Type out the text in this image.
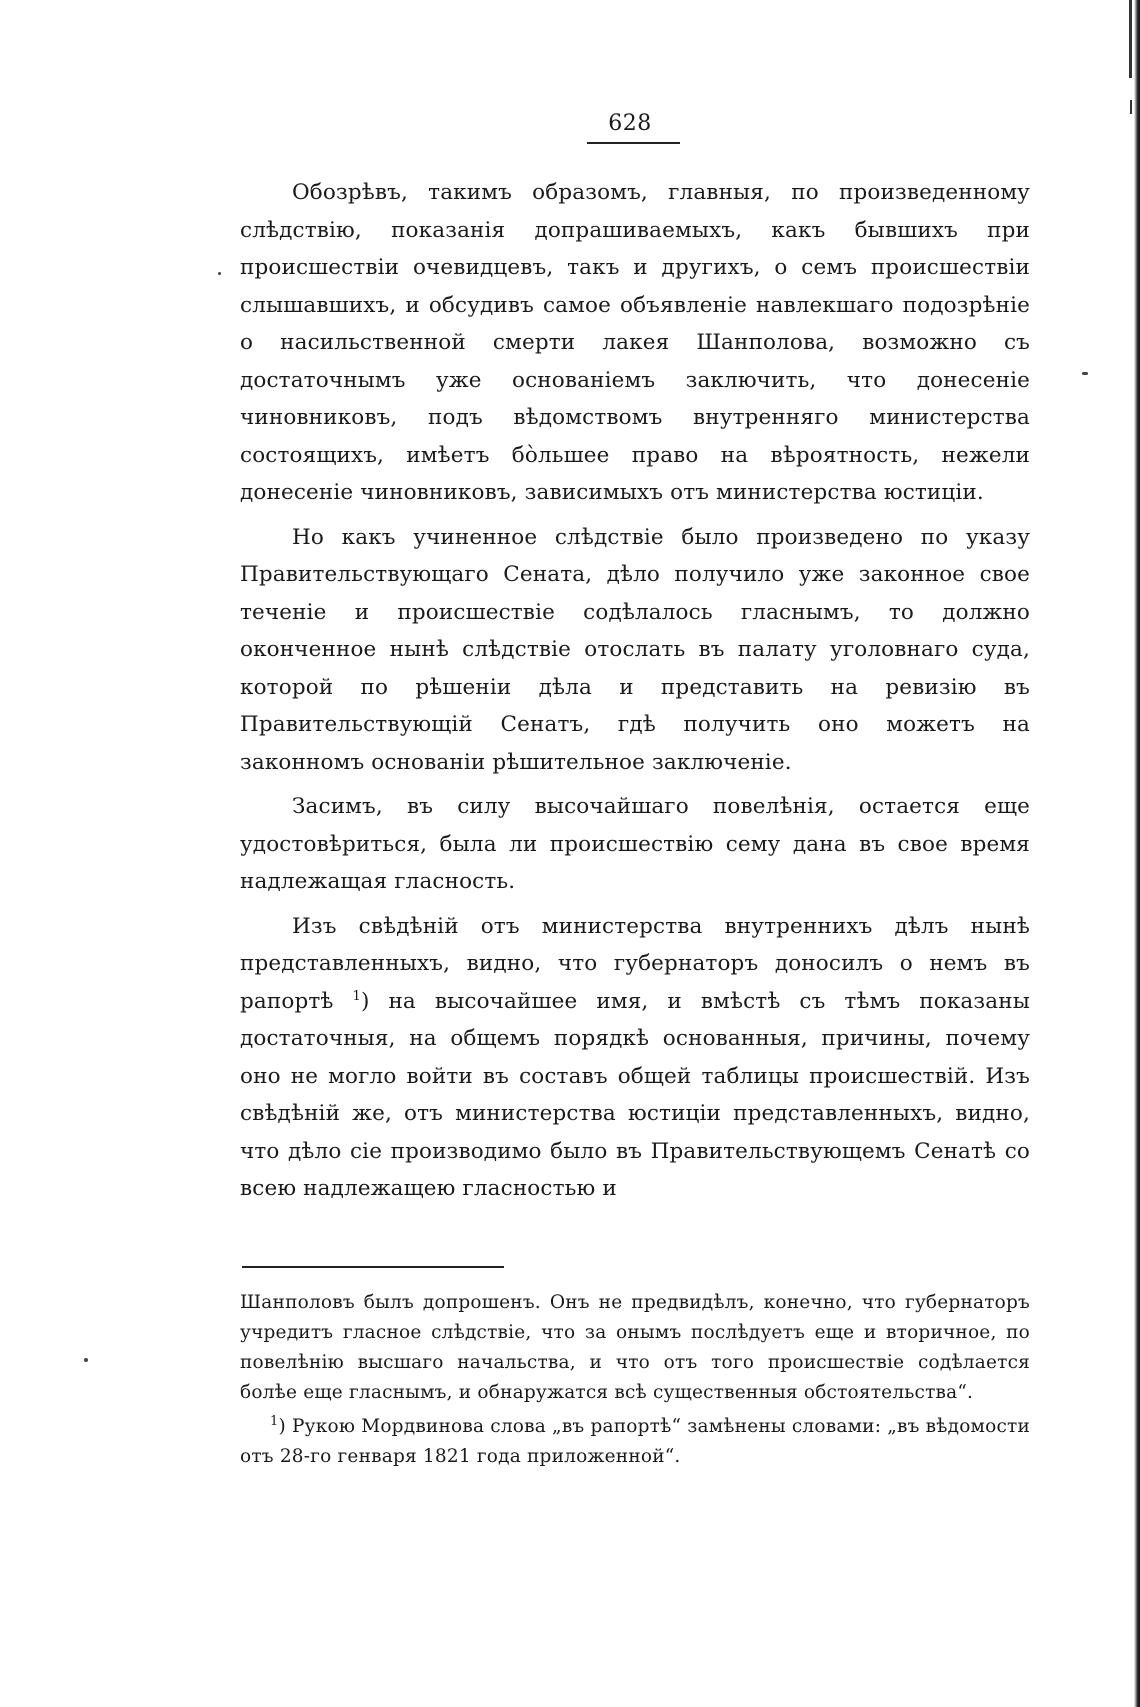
628

Обозрѣвъ, такимъ образомъ, главныя, по произведенному слѣдствію, показанія допрашиваемыхъ, какъ бывшихъ при происшествіи очевидцевъ, такъ и другихъ, о семъ происшествіи слышавшихъ, и обсудивъ самое объявленіе навлекшаго подозрѣніе о насильственной смерти лакея Шанполова, возможно съ достаточнымъ уже основаніемъ заключить, что донесеніе чиновниковъ, подъ вѣдомствомъ внутренняго министерства состоящихъ, имѣетъ бо̀льшее право на вѣроятность, нежели донесеніе чиновниковъ, зависимыхъ отъ министерства юстиціи.

Но какъ учиненное слѣдствіе было произведено по указу Правительствующаго Сената, дѣло получило уже законное свое теченіе и происшествіе содѣлалось гласнымъ, то должно оконченное нынѣ слѣдствіе отослать въ палату уголовнаго суда, которой по рѣшеніи дѣла и представить на ревизію въ Правительствующій Сенатъ, гдѣ получить оно можетъ на законномъ основаніи рѣшительное заключеніе.

Засимъ, въ силу высочайшаго повелѣнія, остается еще удостовѣриться, была ли происшествію сему дана въ свое время надлежащая гласность.

Изъ свѣдѣній отъ министерства внутреннихъ дѣлъ нынѣ представленныхъ, видно, что губернаторъ доносилъ о немъ въ рапортѣ $^1$) на высочайшее имя, и вмѣстѣ съ тѣмъ показаны достаточныя, на общемъ порядкѣ основанныя, причины, почему оно не могло войти въ составъ общей таблицы происшествій. Изъ свѣдѣній же, отъ министерства юстиціи представленныхъ, видно, что дѣло сіе производимо было въ Правительствующемъ Сенатѣ со всею надлежащею гласностью и

Шанполовъ былъ допрошенъ. Онъ не предвидѣлъ, конечно, что губернаторъ учредитъ гласное слѣдствіе, что за онымъ послѣдуетъ еще и вторичное, по повелѣнію высшаго начальства, и что отъ того происшествіе содѣлается болѣе еще гласнымъ, и обнаружатся всѣ существенныя обстоятельства“.

$^1$) Рукою Мордвинова слова „въ рапортѣ“ замѣнены словами: „въ вѣдомости отъ 28-го генваря 1821 года приложенной“.
